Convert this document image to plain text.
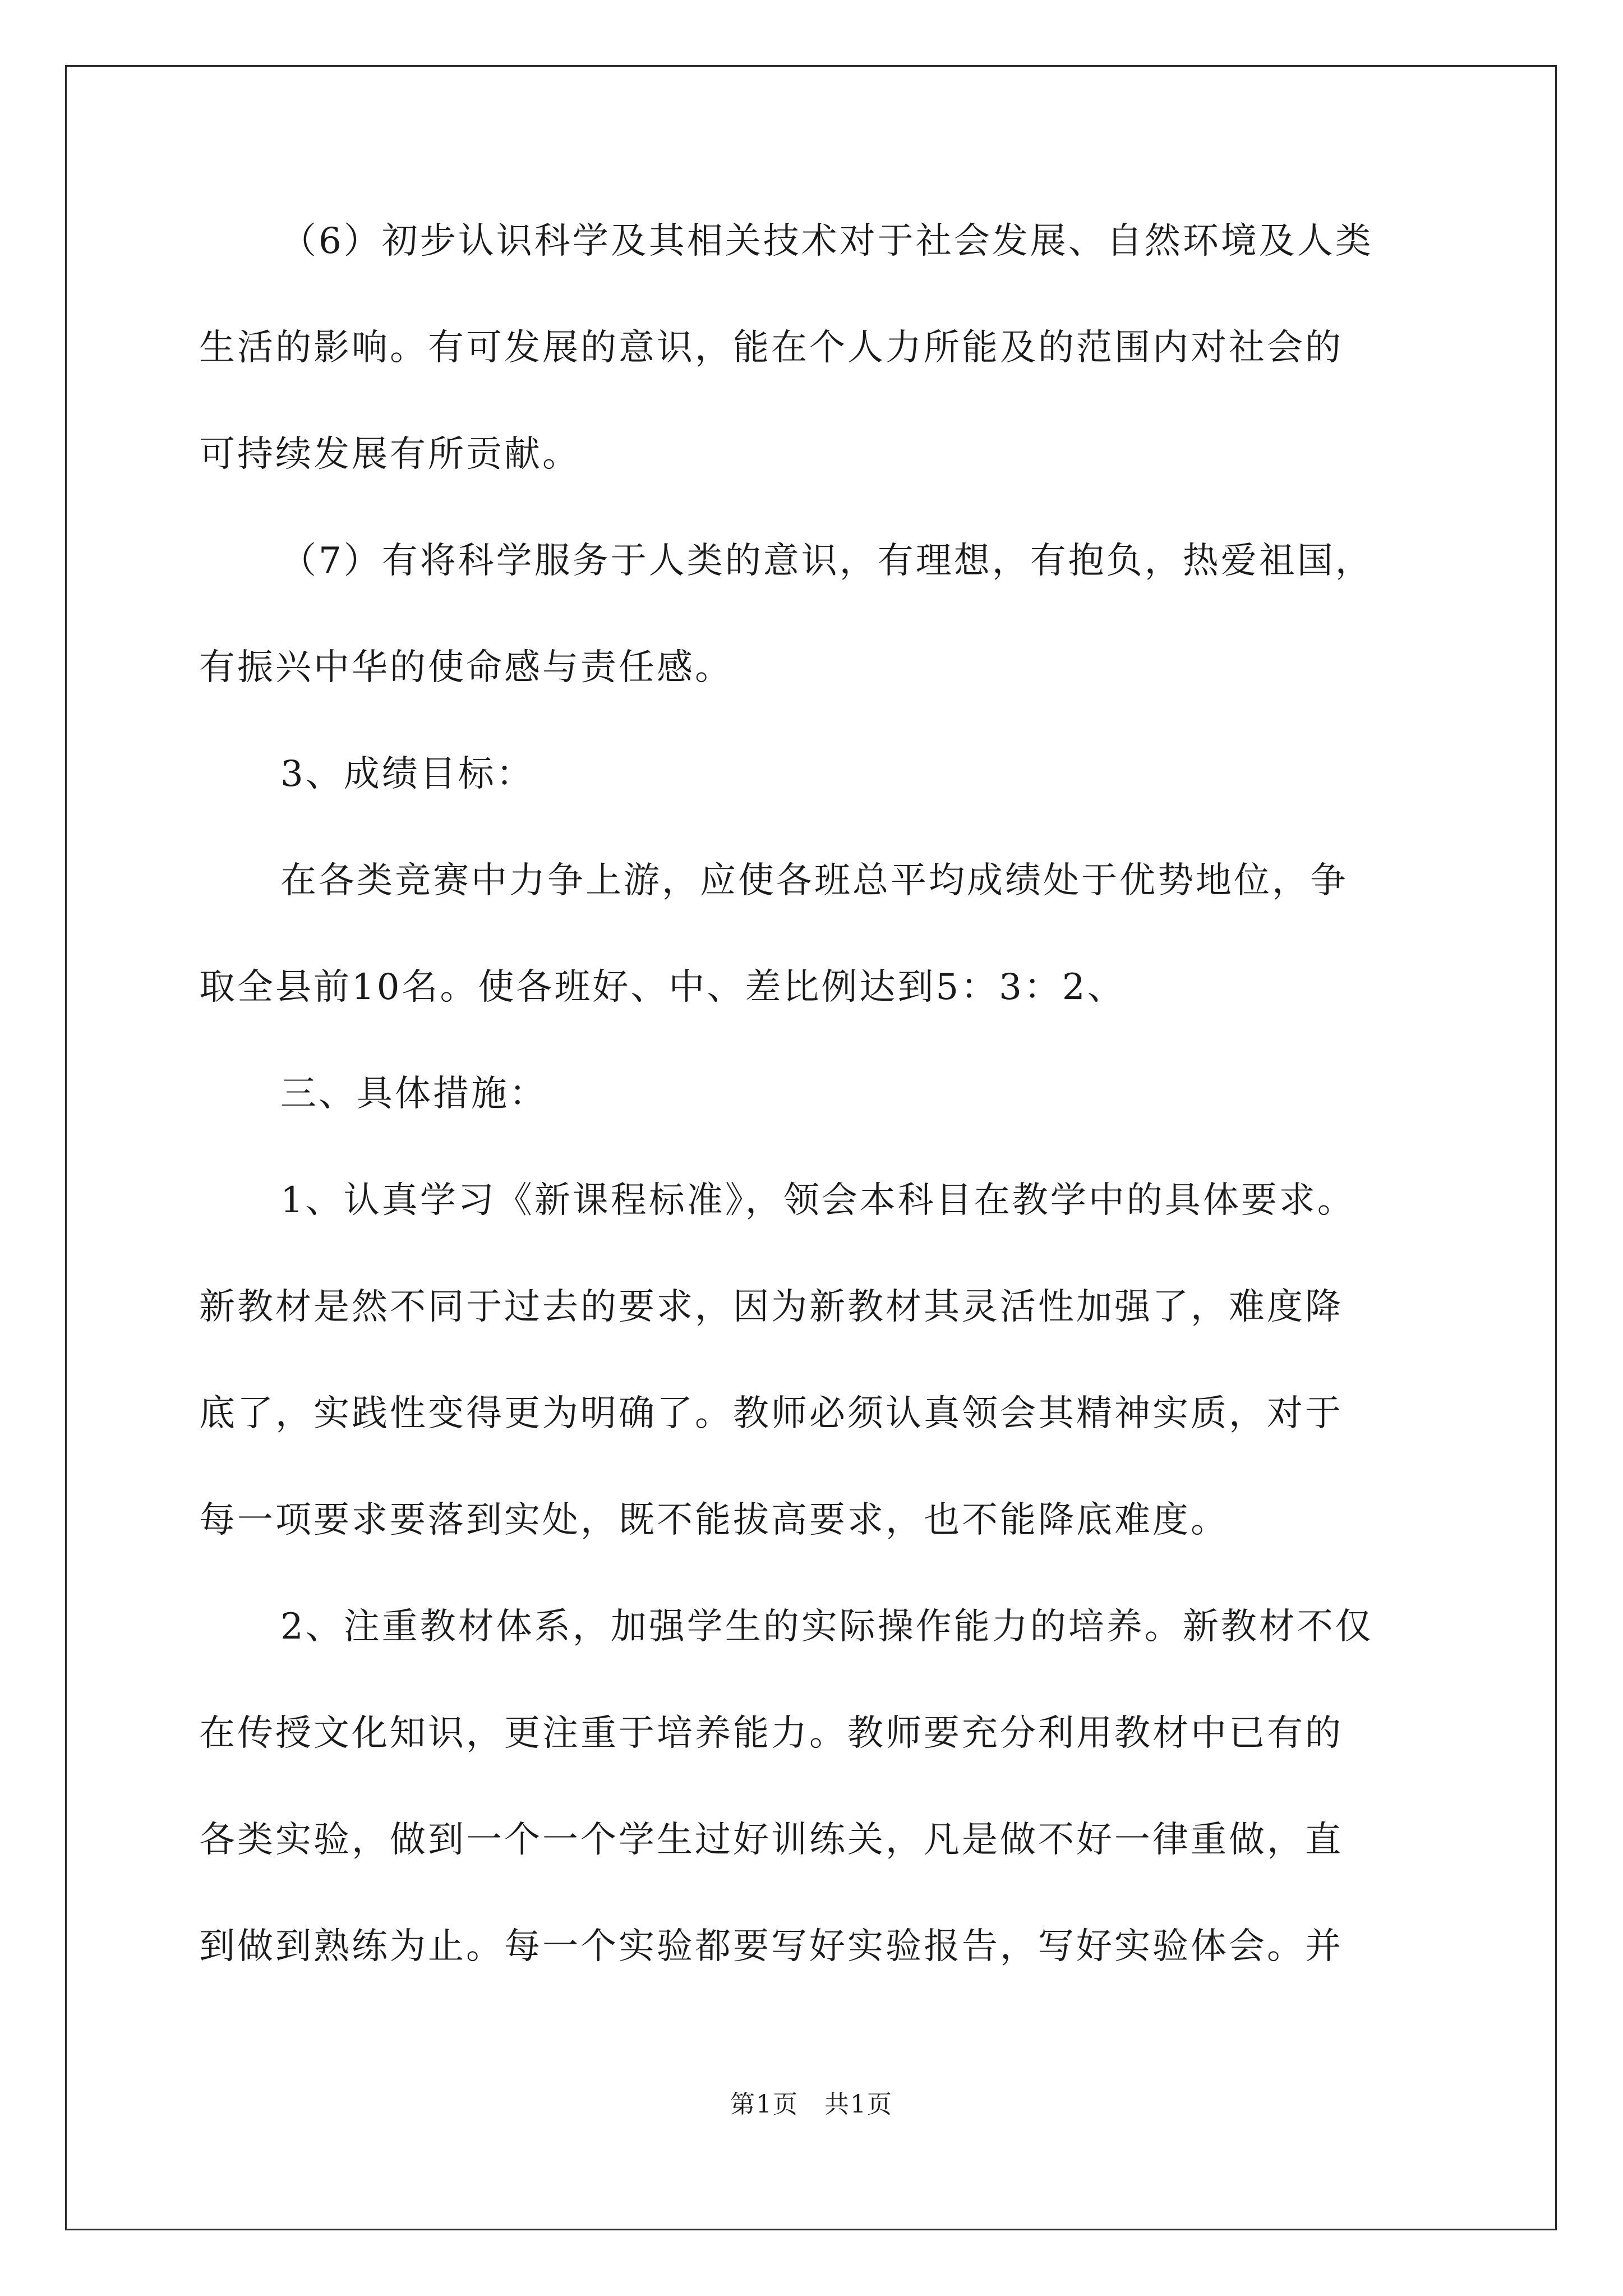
（6）初步认识科学及其相关技术对于社会发展、自然环境及人类
生活的影响。有可发展的意识，能在个人力所能及的范围内对社会的
可持续发展有所贡献。
（7）有将科学服务于人类的意识，有理想，有抱负，热爱祖国，
有振兴中华的使命感与责任感。
3、成绩目标：
在各类竞赛中力争上游，应使各班总平均成绩处于优势地位，争
取全县前10名。使各班好、中、差比例达到5：3：2、
三、具体措施：
1、认真学习《新课程标准》，领会本科目在教学中的具体要求。
新教材是然不同于过去的要求，因为新教材其灵活性加强了，难度降
底了，实践性变得更为明确了。教师必须认真领会其精神实质，对于
每一项要求要落到实处，既不能拔高要求，也不能降底难度。
2、注重教材体系，加强学生的实际操作能力的培养。新教材不仅
在传授文化知识，更注重于培养能力。教师要充分利用教材中已有的
各类实验，做到一个一个学生过好训练关，凡是做不好一律重做，直
到做到熟练为止。每一个实验都要写好实验报告，写好实验体会。并
第1页　共1页
